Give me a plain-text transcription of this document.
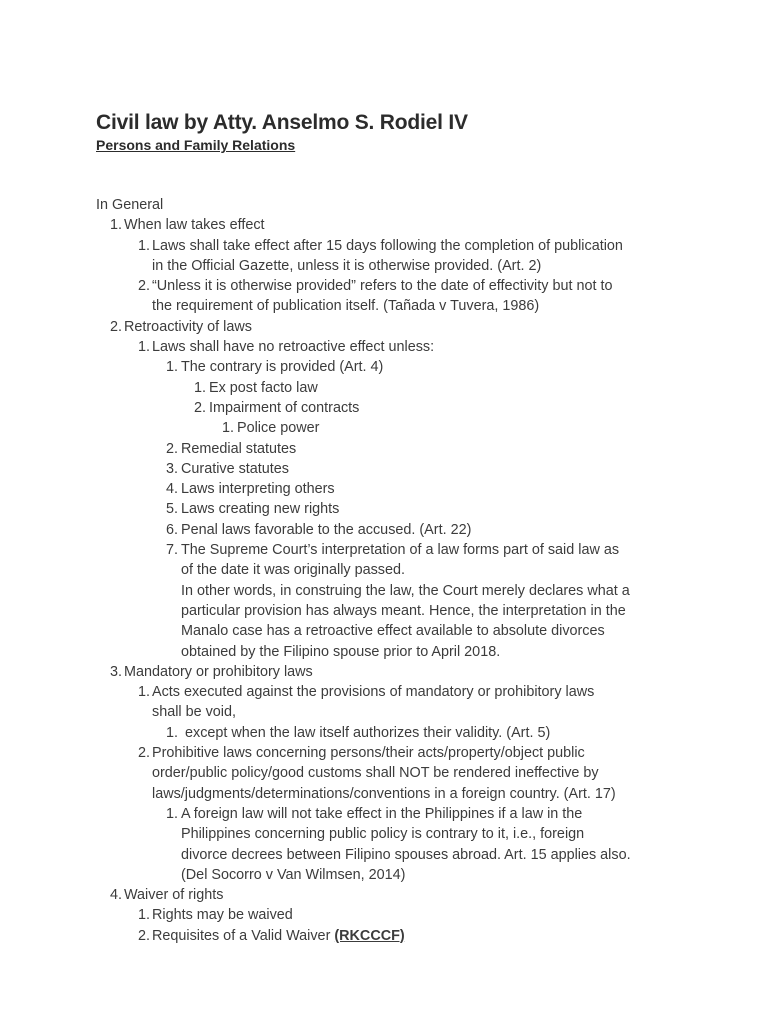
Civil law by Atty. Anselmo S. Rodiel IV
Persons and Family Relations
In General
1. When law takes effect
1. Laws shall take effect after 15 days following the completion of publication
in the Official Gazette, unless it is otherwise provided. (Art. 2)
2. “Unless it is otherwise provided” refers to the date of effectivity but not to
the requirement of publication itself. (Tañada v Tuvera, 1986)
2. Retroactivity of laws
1. Laws shall have no retroactive effect unless:
1. The contrary is provided (Art. 4)
1. Ex post facto law
2. Impairment of contracts
1. Police power
2. Remedial statutes
3. Curative statutes
4. Laws interpreting others
5. Laws creating new rights
6. Penal laws favorable to the accused. (Art. 22)
7. The Supreme Court’s interpretation of a law forms part of said law as
of the date it was originally passed.
In other words, in construing the law, the Court merely declares what a
particular provision has always meant. Hence, the interpretation in the
Manalo case has a retroactive effect available to absolute divorces
obtained by the Filipino spouse prior to April 2018.
3. Mandatory or prohibitory laws
1. Acts executed against the provisions of mandatory or prohibitory laws
shall be void,
1. except when the law itself authorizes their validity. (Art. 5)
2. Prohibitive laws concerning persons/their acts/property/object public
order/public policy/good customs shall NOT be rendered ineffective by
laws/judgments/determinations/conventions in a foreign country. (Art. 17)
1. A foreign law will not take effect in the Philippines if a law in the
Philippines concerning public policy is contrary to it, i.e., foreign
divorce decrees between Filipino spouses abroad. Art. 15 applies also.
(Del Socorro v Van Wilmsen, 2014)
4. Waiver of rights
1. Rights may be waived
2. Requisites of a Valid Waiver (RKCCCF)
